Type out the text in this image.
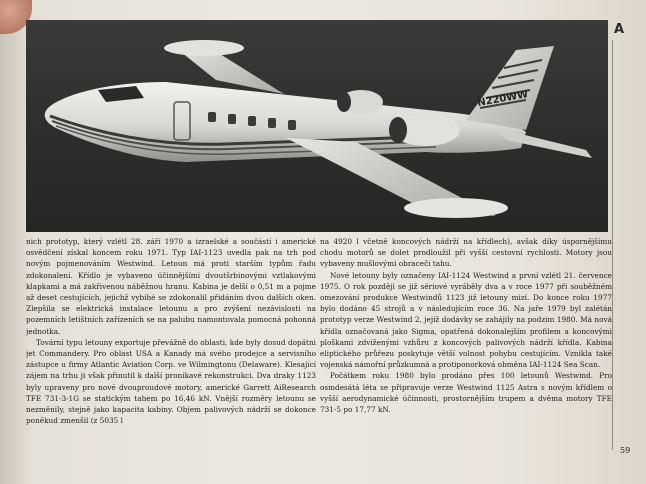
N220WW
A

nich prototyp, který vzlétl 28. září 1970 a izraelské a součástí i americké osvědčení získal koncem roku 1971. Typ IAI-1123 uvedla pak na trh pod novým pojmenováním Westwind. Letoun má proti starším typům řadu zdokonalení. Křídlo je vybaveno účinnějšími dvoutšrbinovými vztlakovými klapkami a má zakřivenou náběžnou hranu. Kabina je delší o 0,51 m a pojme až deset cestujících, jejichž vybíhé se zdokonalil přidáním dvou dalších oken. Zlepšila se elektrická instalace letounu a pro zvýšení nezávislosti na pozemních letištních zařízeních se na palubu namontovala pomocná pohonná jednotka.

Tovární typu letouny exportuje převážně do oblasti, kde byly dosud dopátni jet Commandery. Pro oblast USA a Kanady má svého prodejce a servisního zástupce u firmy Atlantic Aviation Corp. ve Wilmingtonu (Delaware). Klesající zájem na trhu ji však přinutil k další pronikavé rekonstrukci. Dva draky 1123 byly upraveny pro nové dvouproudové motory, americké Garrett AiResearch TFE 731-3-1G se statickým tahem po 16,46 kN. Vnější rozměry letounu se nezměnily, stejně jako kapacita kabiny. Objem palivových nádrží se dokonce poněkud zmenšil (z 5035 l

na 4920 l včetně koncových nádrží na křídlech), avšak díky úspornějšímu chodu motorů se dolet prodloužil při vyšší cestovní rychlosti. Motory jsou vybaveny mušlovými obraceči tahu.

Nové letouny byly označeny IAI-1124 Westwind a první vzlétl 21. července 1975. O rok později se již sériové vyráběly dva a v roce 1977 při souběžném omezování produkce Westwindů 1123 již letouny mizí. Do konce roku 1977 bylo dodáno 45 strojů a v následujícím roce 36. Na jaře 1979 byl zalétán prototyp verze Westwind 2, jejíž dodávky se zahájily na podzim 1980. Má nová křídla označovaná jako Sigma, opatřená dokonalejším profilem a koncovými ploškami zdvíženými vzhůru z koncových palivových nádrží křídla. Kabina eliptického průřezu poskytuje větší volnost pohybu cestujícím. Vznikla také vojenská námořní průzkumná a protiponorková obměna IAI-1124 Sea Scan.

Počátkem roku 1980 bylo prodáno přes 100 letounů Westwind. Pro osmdesátá léta se připravuje verze Westwind 1125 Astra s novým křídlem o vyšší aerodynamické účinnosti, prostornějším trupem a dvěma motory TFE 731-5 po 17,77 kN.

59
